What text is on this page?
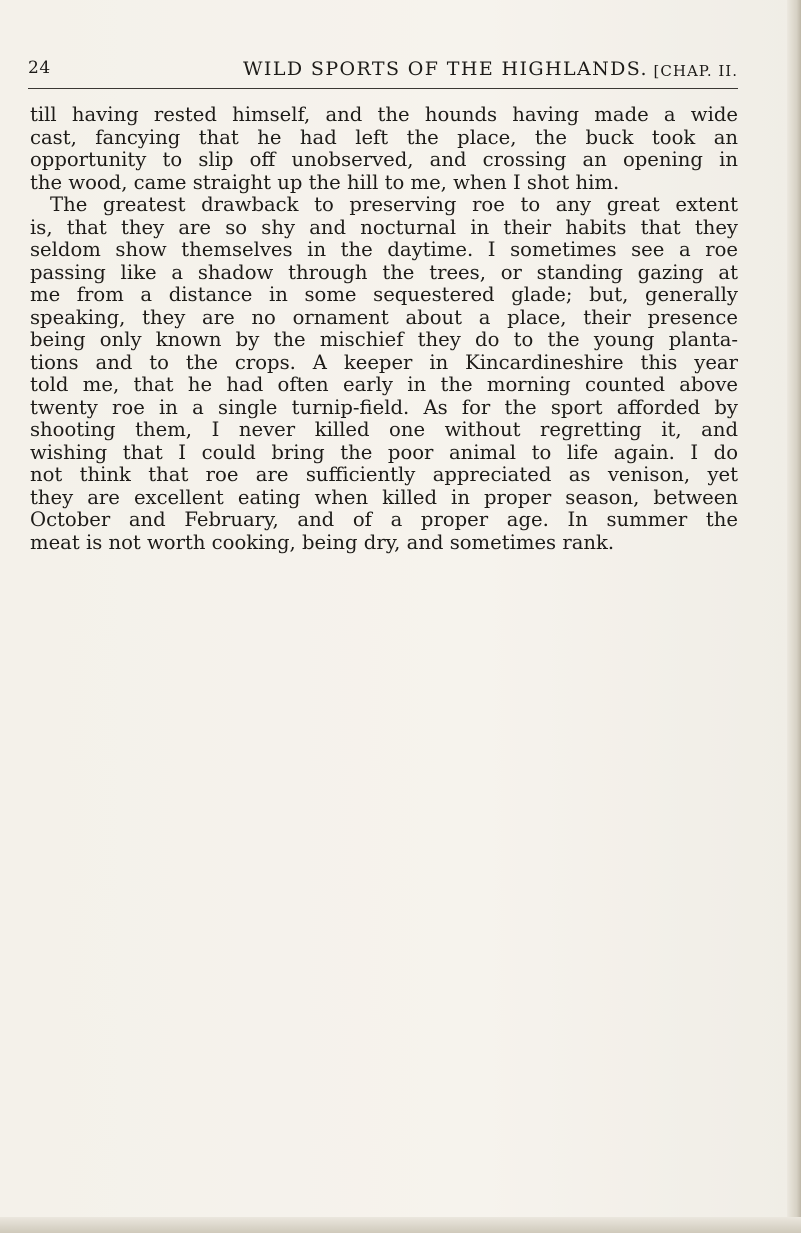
24	WILD SPORTS OF THE HIGHLANDS. [CHAP. II.
till having rested himself, and the hounds having made a wide
cast, fancying that he had left the place, the buck took an
opportunity to slip off unobserved, and crossing an opening in
the wood, came straight up the hill to me, when I shot him.
The greatest drawback to preserving roe to any great extent
is, that they are so shy and nocturnal in their habits that they
seldom show themselves in the daytime. I sometimes see a roe
passing like a shadow through the trees, or standing gazing at
me from a distance in some sequestered glade; but, generally
speaking, they are no ornament about a place, their presence
being only known by the mischief they do to the young planta-
tions and to the crops. A keeper in Kincardineshire this year
told me, that he had often early in the morning counted above
twenty roe in a single turnip-field. As for the sport afforded by
shooting them, I never killed one without regretting it, and
wishing that I could bring the poor animal to life again. I do
not think that roe are sufficiently appreciated as venison, yet
they are excellent eating when killed in proper season, between
October and February, and of a proper age. In summer the
meat is not worth cooking, being dry, and sometimes rank.
